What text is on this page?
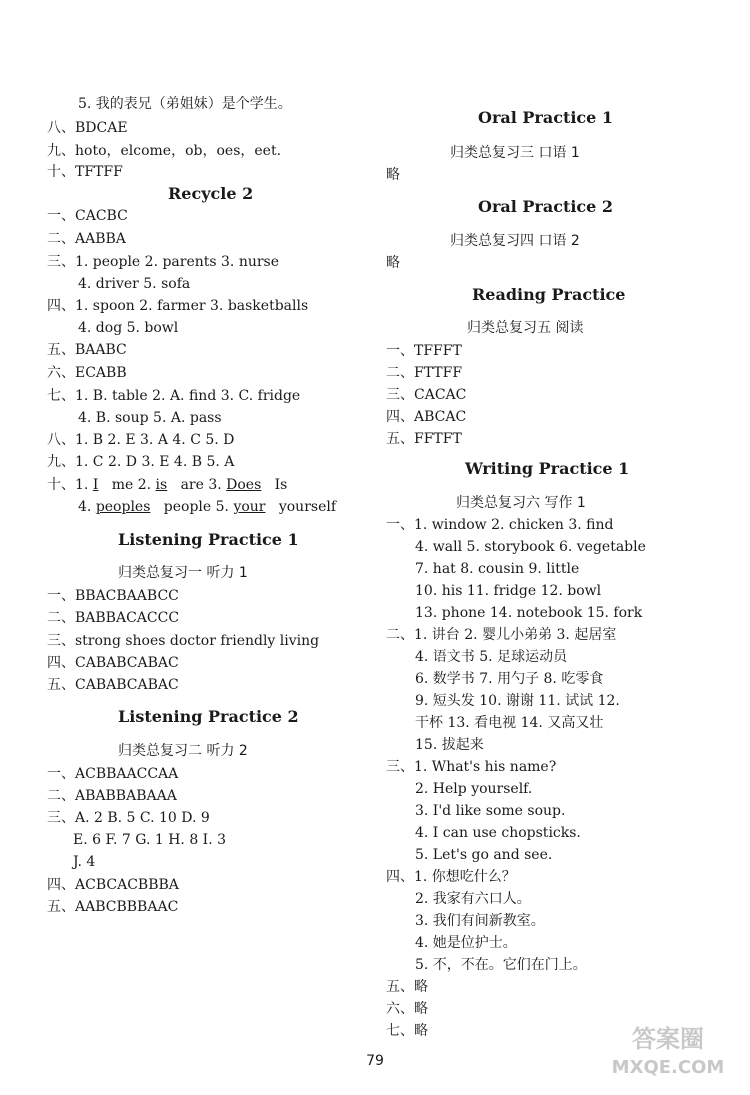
5. 我的表兄（弟姐妹）是个学生。
八、BDCAE
九、hoto，elcome，ob，oes，eet.
十、TFTFF
Recycle 2
一、CACBC
二、AABBA
三、1. people 2. parents 3. nurse
4. driver 5. sofa
四、1. spoon 2. farmer 3. basketballs
4. dog 5. bowl
五、BAABC
六、ECABB
七、1. B. table 2. A. find 3. C. fridge
4. B. soup 5. A. pass
八、1. B 2. E 3. A 4. C 5. D
九、1. C 2. D 3. E 4. B 5. A
十、1. I me 2. is are 3. Does Is
4. peoples people 5. your yourself
Listening Practice 1
归类总复习一 听力 1
一、BBACBAABCC
二、BABBACACCC
三、strong shoes doctor friendly living
四、CABABCABAC
五、CABABCABAC
Listening Practice 2
归类总复习二 听力 2
一、ACBBAACCAA
二、ABABBABAAA
三、A. 2 B. 5 C. 10 D. 9
E. 6 F. 7 G. 1 H. 8 I. 3
J. 4
四、ACBCACBBBA
五、AABCBBBAAC
Oral Practice 1
归类总复习三 口语 1
略
Oral Practice 2
归类总复习四 口语 2
略
Reading Practice
归类总复习五 阅读
一、TFFFT
二、FTTFF
三、CACAC
四、ABCAC
五、FFTFT
Writing Practice 1
归类总复习六 写作 1
一、1. window 2. chicken 3. find
4. wall 5. storybook 6. vegetable
7. hat 8. cousin 9. little
10. his 11. fridge 12. bowl
13. phone 14. notebook 15. fork
二、1. 讲台 2. 婴儿小弟弟 3. 起居室
4. 语文书 5. 足球运动员
6. 数学书 7. 用勺子 8. 吃零食
9. 短头发 10. 谢谢 11. 试试 12.
干杯 13. 看电视 14. 又高又壮
15. 拔起来
三、1. What's his name?
2. Help yourself.
3. I'd like some soup.
4. I can use chopsticks.
5. Let's go and see.
四、1. 你想吃什么？
2. 我家有六口人。
3. 我们有间新教室。
4. 她是位护士。
5. 不，不在。它们在门上。
五、略
六、略
七、略
79
答案圈
MXQE.COM
